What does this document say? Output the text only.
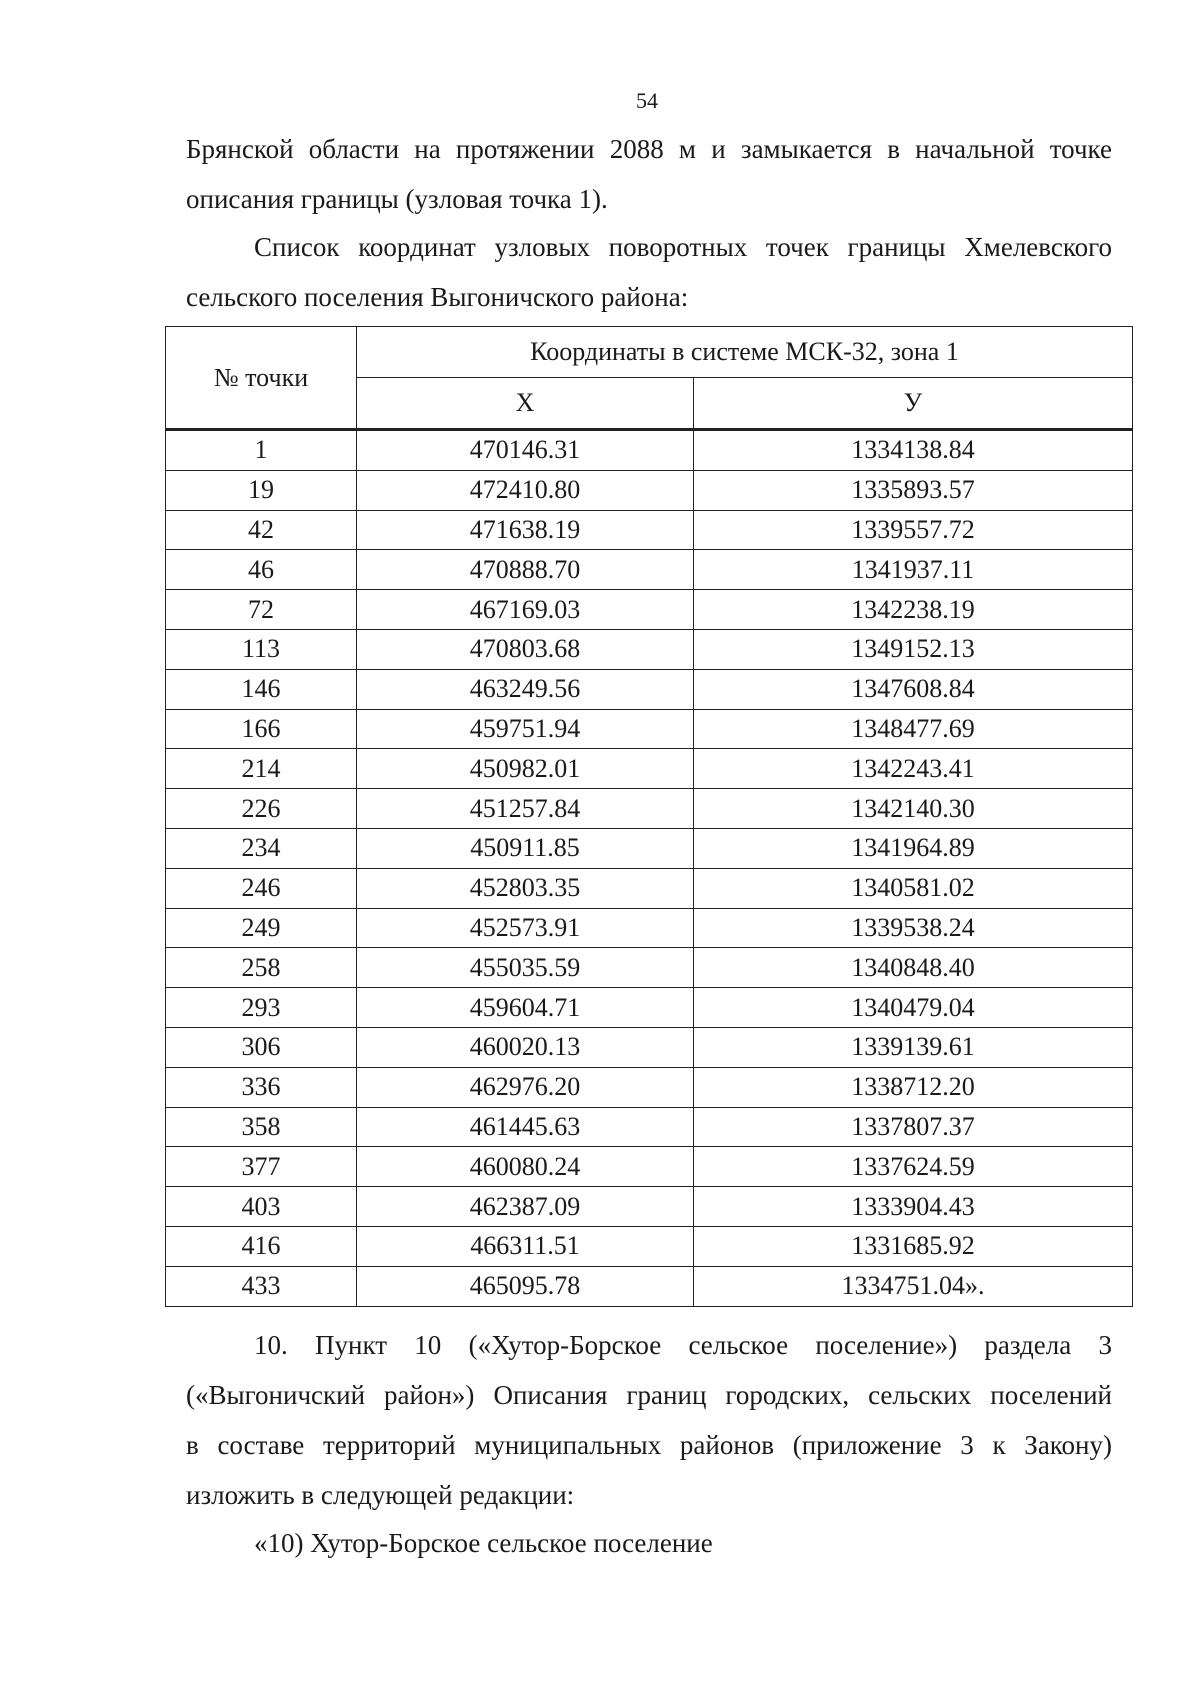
54
Брянской области на протяжении 2088 м и замыкается в начальной точке
описания границы (узловая точка 1).
Список координат узловых поворотных точек границы Хмелевского
сельского поселения Выгоничского района:
№ точки	Координаты в системе МСК-32, зона 1	
	X	У
1	470146.31	1334138.84
19	472410.80	1335893.57
42	471638.19	1339557.72
46	470888.70	1341937.11
72	467169.03	1342238.19
113	470803.68	1349152.13
146	463249.56	1347608.84
166	459751.94	1348477.69
214	450982.01	1342243.41
226	451257.84	1342140.30
234	450911.85	1341964.89
246	452803.35	1340581.02
249	452573.91	1339538.24
258	455035.59	1340848.40
293	459604.71	1340479.04
306	460020.13	1339139.61
336	462976.20	1338712.20
358	461445.63	1337807.37
377	460080.24	1337624.59
403	462387.09	1333904.43
416	466311.51	1331685.92
433	465095.78	1334751.04».
10. Пункт 10 («Хутор-Борское сельское поселение») раздела 3
(«Выгоничский район») Описания границ городских, сельских поселений
в составе территорий муниципальных районов (приложение 3 к Закону)
изложить в следующей редакции:
«10) Хутор-Борское сельское поселение
